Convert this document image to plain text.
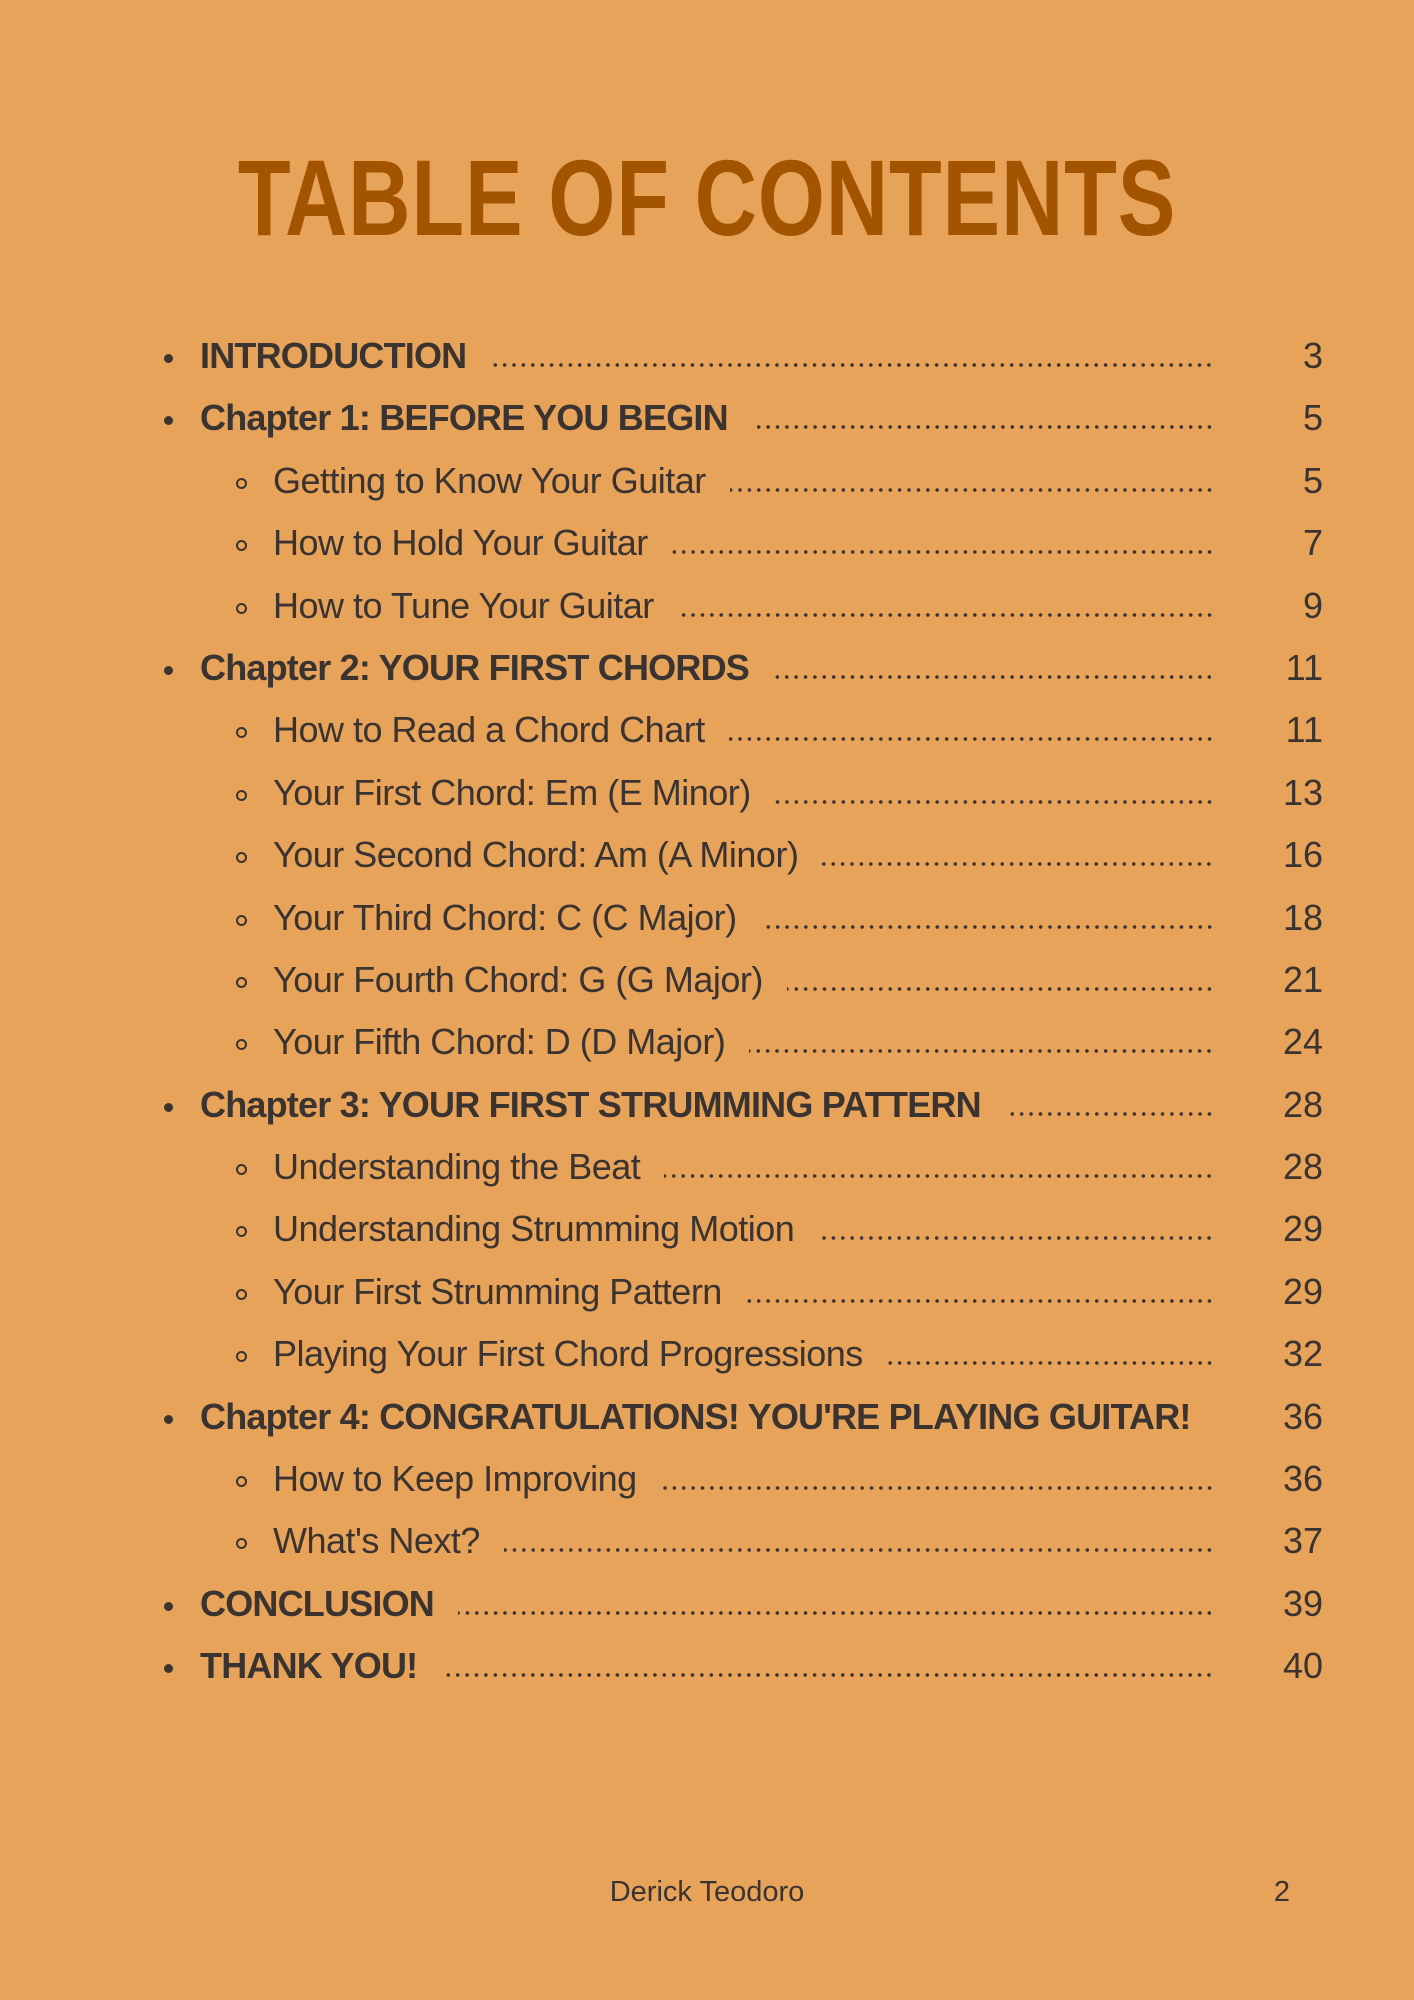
TABLE OF CONTENTS
INTRODUCTION	3
Chapter 1: BEFORE YOU BEGIN	5
Getting to Know Your Guitar	5
How to Hold Your Guitar	7
How to Tune Your Guitar	9
Chapter 2: YOUR FIRST CHORDS	11
How to Read a Chord Chart	11
Your First Chord: Em (E Minor)	13
Your Second Chord: Am (A Minor)	16
Your Third Chord: C (C Major)	18
Your Fourth Chord: G (G Major)	21
Your Fifth Chord: D (D Major)	24
Chapter 3: YOUR FIRST STRUMMING PATTERN	28
Understanding the Beat	28
Understanding Strumming Motion	29
Your First Strumming Pattern	29
Playing Your First Chord Progressions	32
Chapter 4: CONGRATULATIONS! YOU'RE PLAYING GUITAR!	36
How to Keep Improving	36
What's Next?	37
CONCLUSION	39
THANK YOU!	40
Derick Teodoro	2
